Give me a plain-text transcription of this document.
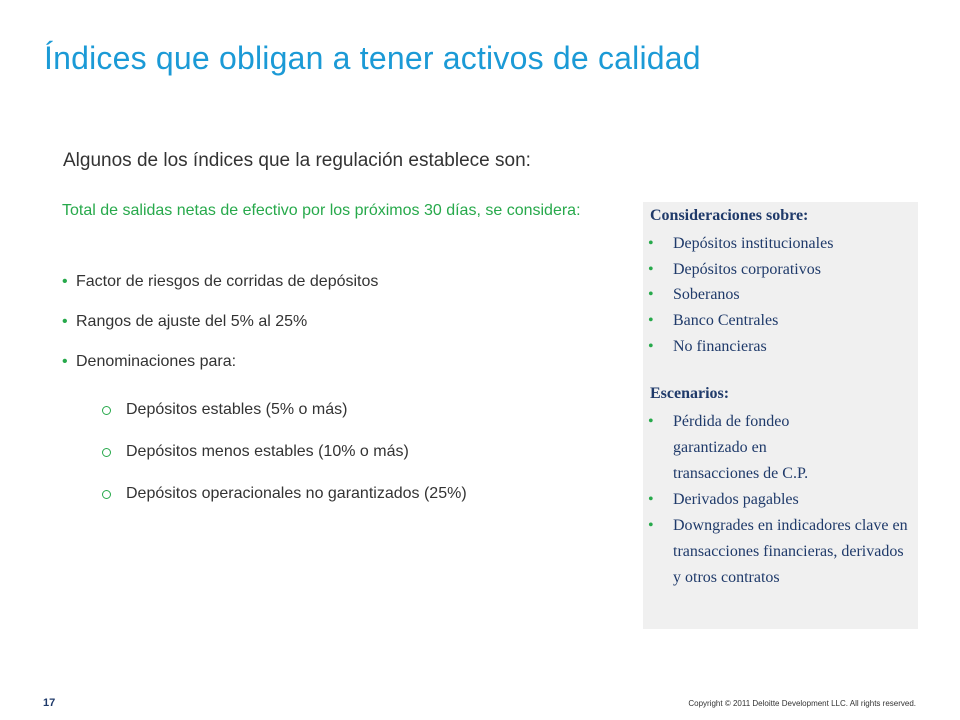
Índices que obligan a tener activos de calidad

Algunos de los índices que la regulación establece son:

Total de salidas netas de efectivo por los próximos 30 días, se considera:
• Factor de riesgos de corridas de depósitos
• Rangos de ajuste del 5% al 25%
• Denominaciones para:
Depósitos estables (5% o más)
Depósitos menos estables (10% o más)
Depósitos operacionales no garantizados (25%)
Consideraciones sobre:
•	Depósitos institucionales
•	Depósitos corporativos
•	Soberanos
•	Banco Centrales
•	No financieras
Escenarios:
•	Pérdida de fondeo garantizado en transacciones de C.P.
•	Derivados pagables
•	Downgrades en indicadores clave en transacciones financieras, derivados y otros contratos
17	Copyright © 2011 Deloitte Development LLC. All rights reserved.
